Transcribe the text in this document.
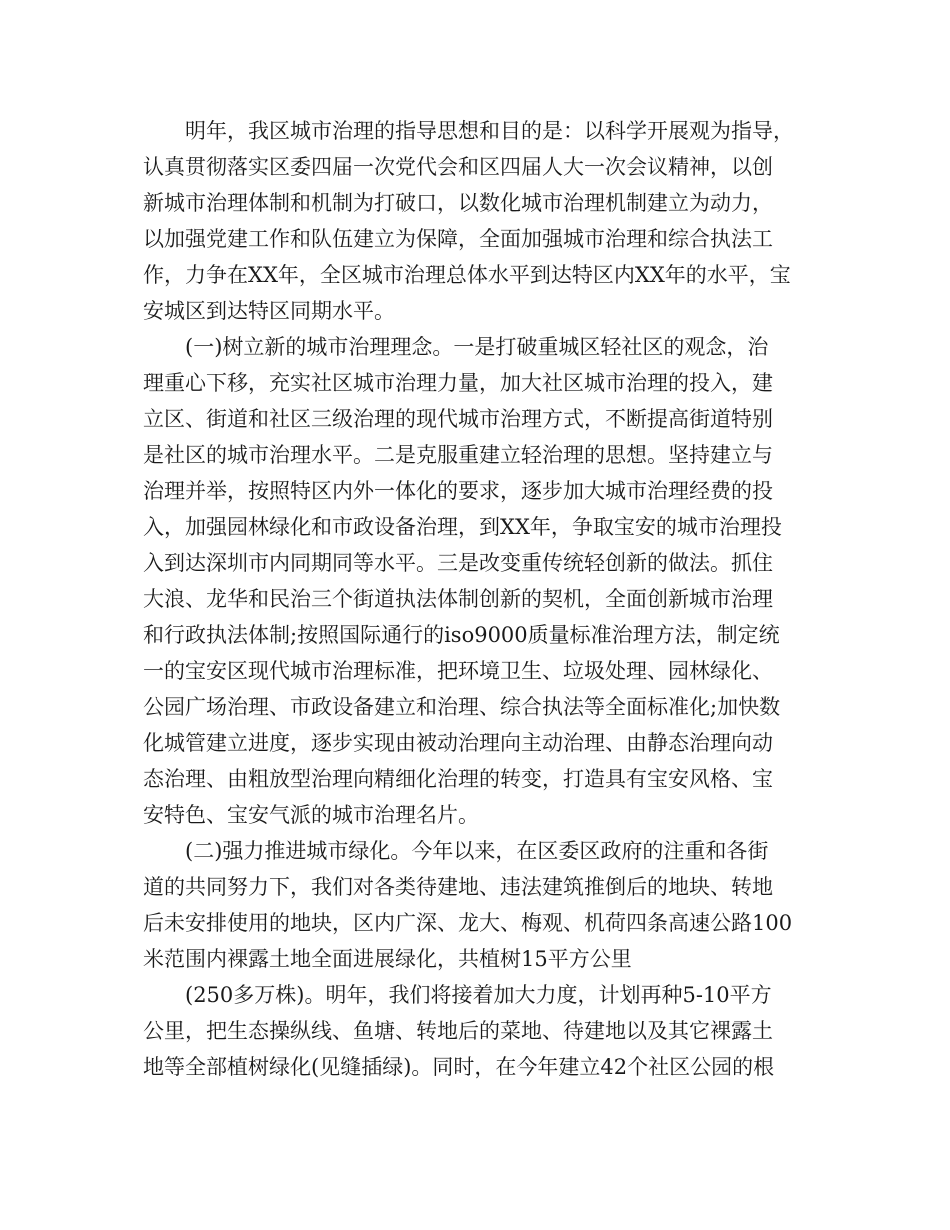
明年，我区城市治理的指导思想和目的是：以科学开展观为指导，
认真贯彻落实区委四届一次党代会和区四届人大一次会议精神，以创
新城市治理体制和机制为打破口，以数化城市治理机制建立为动力，
以加强党建工作和队伍建立为保障，全面加强城市治理和综合执法工
作，力争在XX年，全区城市治理总体水平到达特区内XX年的水平，宝
安城区到达特区同期水平。
(一)树立新的城市治理理念。一是打破重城区轻社区的观念，治
理重心下移，充实社区城市治理力量，加大社区城市治理的投入，建
立区、街道和社区三级治理的现代城市治理方式，不断提高街道特别
是社区的城市治理水平。二是克服重建立轻治理的思想。坚持建立与
治理并举，按照特区内外一体化的要求，逐步加大城市治理经费的投
入，加强园林绿化和市政设备治理，到XX年，争取宝安的城市治理投
入到达深圳市内同期同等水平。三是改变重传统轻创新的做法。抓住
大浪、龙华和民治三个街道执法体制创新的契机，全面创新城市治理
和行政执法体制;按照国际通行的iso9000质量标准治理方法，制定统
一的宝安区现代城市治理标准，把环境卫生、垃圾处理、园林绿化、
公园广场治理、市政设备建立和治理、综合执法等全面标准化;加快数
化城管建立进度，逐步实现由被动治理向主动治理、由静态治理向动
态治理、由粗放型治理向精细化治理的转变，打造具有宝安风格、宝
安特色、宝安气派的城市治理名片。
(二)强力推进城市绿化。今年以来，在区委区政府的注重和各街
道的共同努力下，我们对各类待建地、违法建筑推倒后的地块、转地
后未安排使用的地块，区内广深、龙大、梅观、机荷四条高速公路100
米范围内裸露土地全面进展绿化，共植树15平方公里
(250多万株)。明年，我们将接着加大力度，计划再种5-10平方
公里，把生态操纵线、鱼塘、转地后的菜地、待建地以及其它裸露土
地等全部植树绿化(见缝插绿)。同时，在今年建立42个社区公园的根
